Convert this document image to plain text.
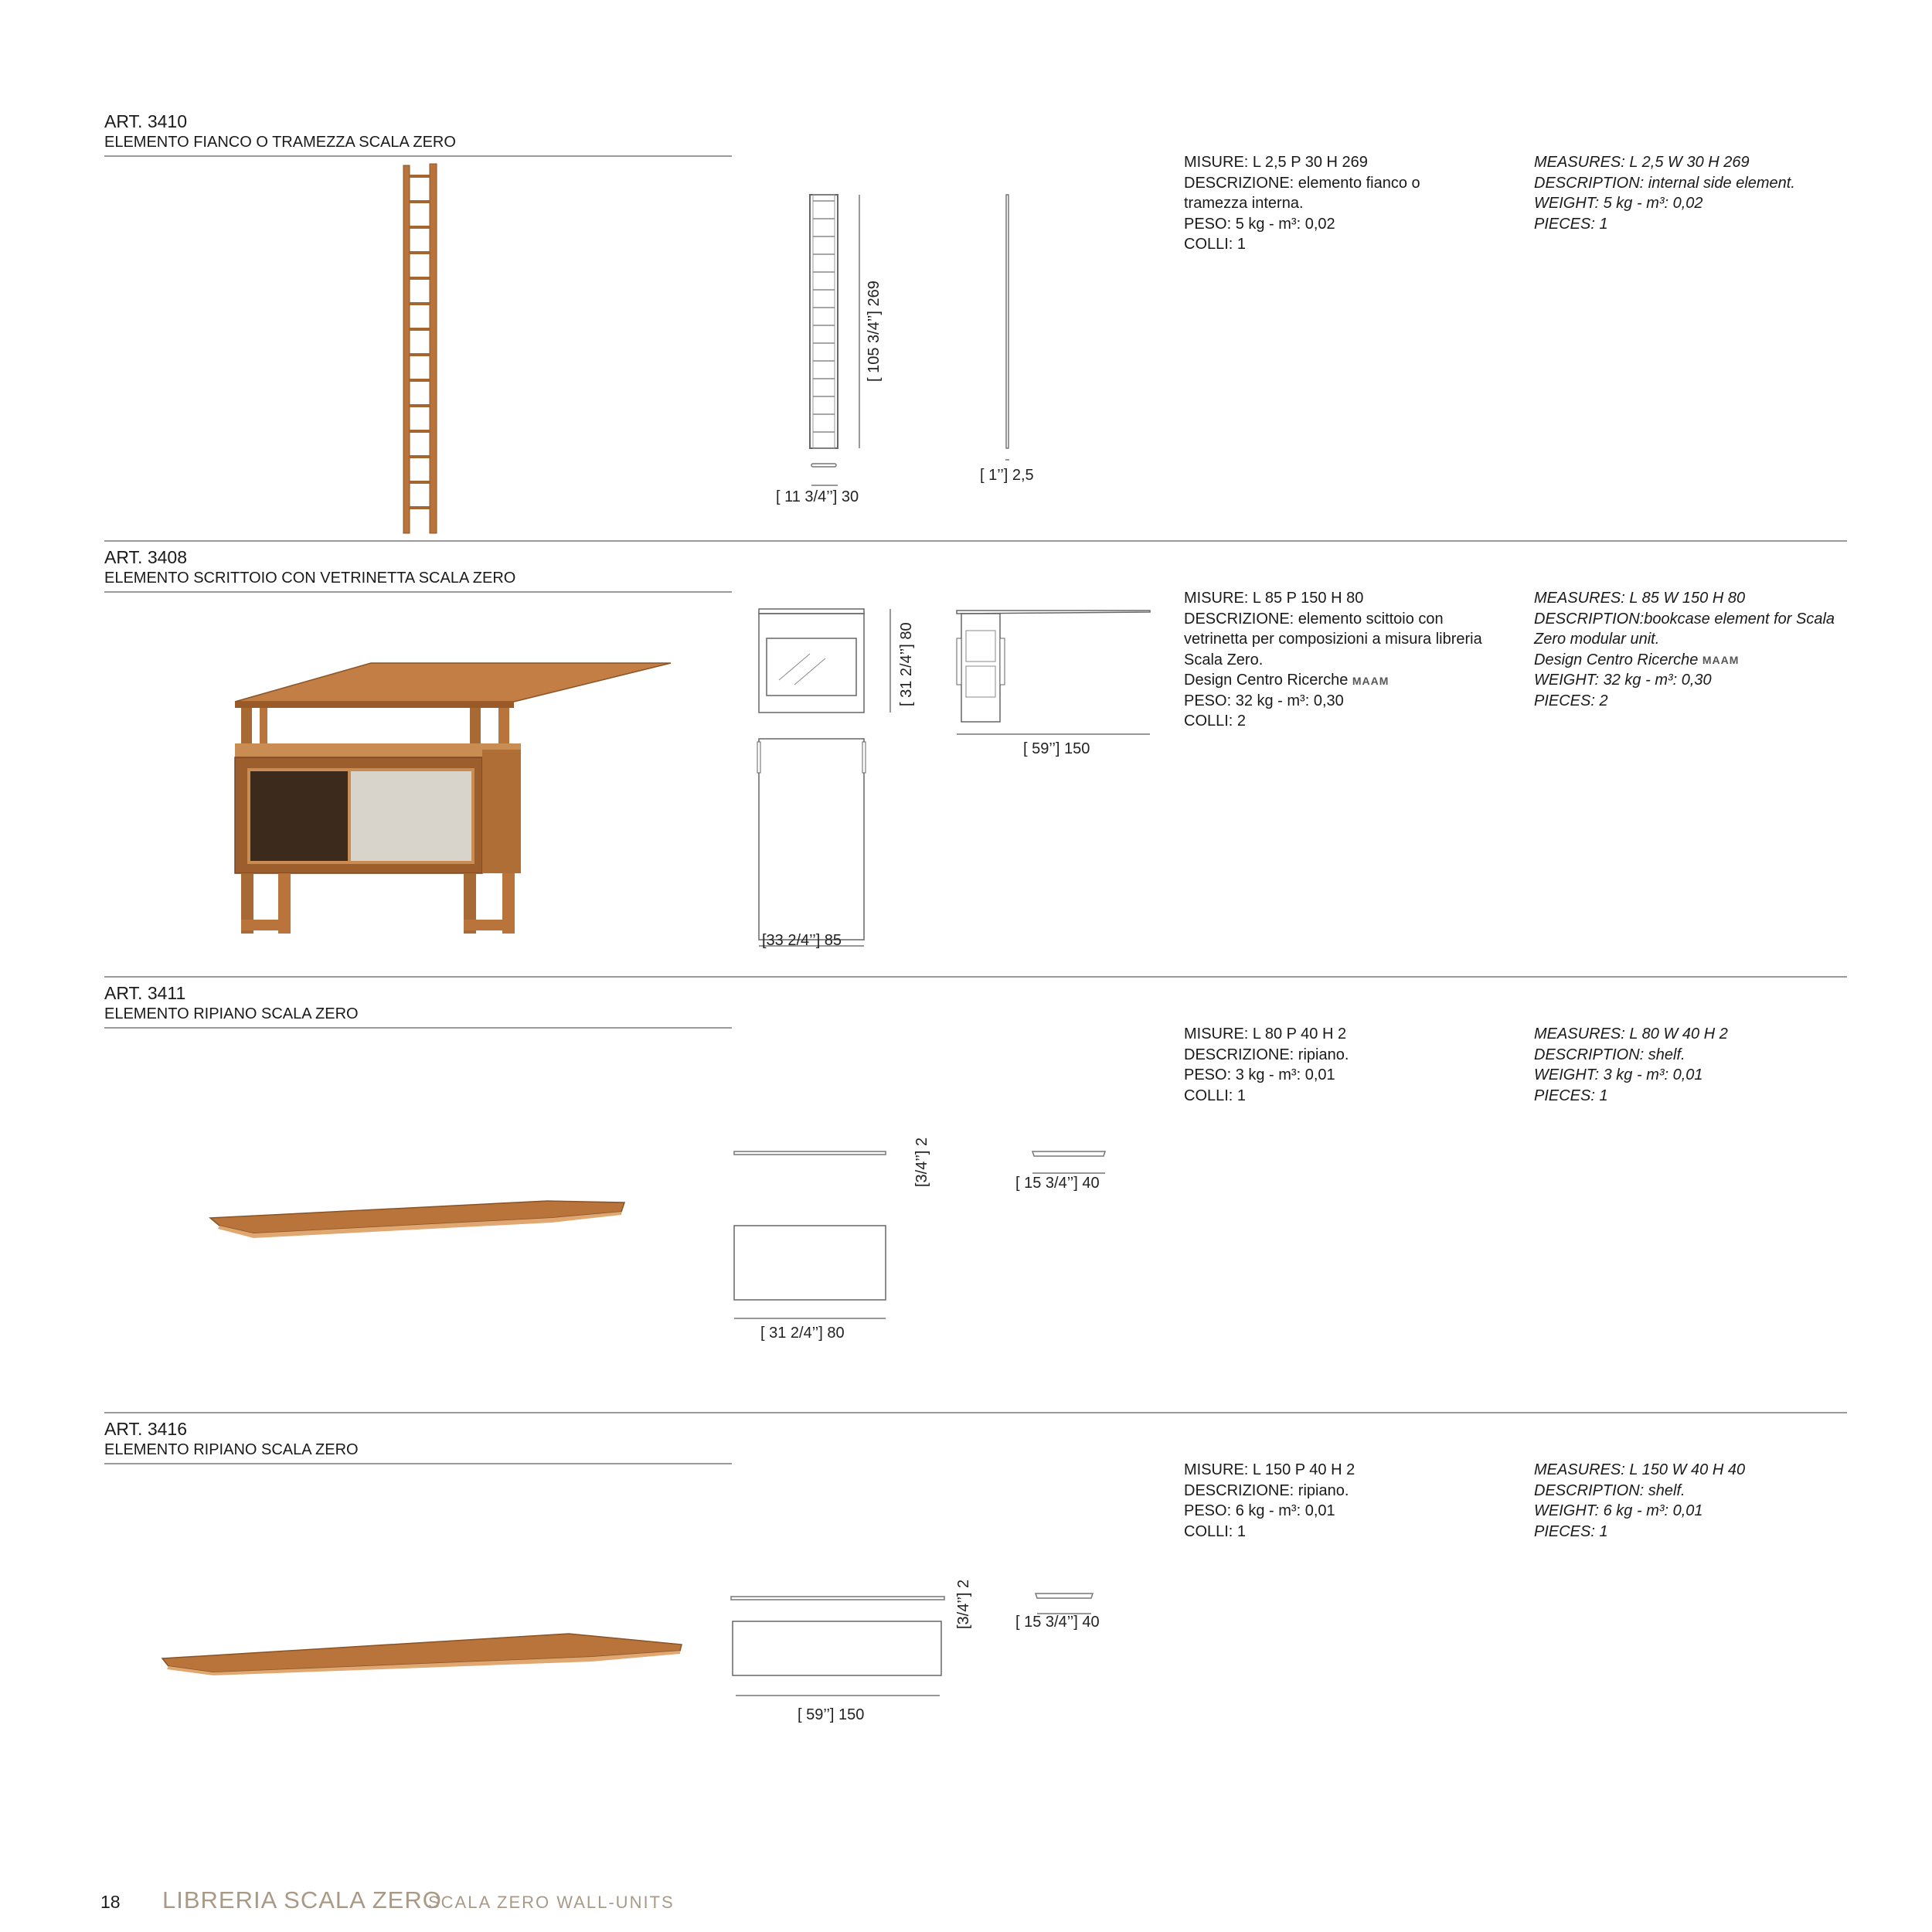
ART. 3410
ELEMENTO FIANCO O TRAMEZZA SCALA ZERO
[ 105 3/4’’] 269
[ 11 3/4’’] 30
[ 1’’] 2,5
MISURE: L 2,5 P 30 H 269
DESCRIZIONE: elemento fianco o
tramezza interna.
PESO: 5 kg - m³: 0,02
COLLI: 1
MEASURES: L 2,5 W 30 H 269
DESCRIPTION: internal side element.
WEIGHT: 5 kg - m³: 0,02
PIECES: 1
ART. 3408
ELEMENTO SCRITTOIO CON VETRINETTA SCALA ZERO
[ 31 2/4’’] 80
[33 2/4’’] 85
[ 59’’] 150
MISURE: L 85 P 150 H 80
DESCRIZIONE: elemento scittoio con
vetrinetta per composizioni a misura libreria
Scala Zero.
Design Centro Ricerche MAAM
PESO: 32 kg - m³: 0,30
COLLI: 2
MEASURES: L 85 W 150 H 80
DESCRIPTION:bookcase element for Scala
Zero modular unit.
Design Centro Ricerche MAAM
WEIGHT: 32 kg - m³: 0,30
PIECES: 2
ART. 3411
ELEMENTO RIPIANO SCALA ZERO
[3/4’’] 2
[ 31 2/4’’] 80
[ 15 3/4’’] 40
MISURE: L 80 P 40 H 2
DESCRIZIONE: ripiano.
PESO: 3 kg - m³: 0,01
COLLI: 1
MEASURES: L 80 W 40 H 2
DESCRIPTION: shelf.
WEIGHT: 3 kg - m³: 0,01
PIECES: 1
ART. 3416
ELEMENTO RIPIANO SCALA ZERO
[3/4’’] 2
[ 59’’] 150
[ 15 3/4’’] 40
MISURE: L 150 P 40 H 2
DESCRIZIONE: ripiano.
PESO: 6 kg - m³: 0,01
COLLI: 1
MEASURES: L 150 W 40 H 40
DESCRIPTION: shelf.
WEIGHT: 6 kg - m³: 0,01
PIECES: 1
18 LIBRERIA SCALA ZERO
SCALA ZERO WALL-UNITS
